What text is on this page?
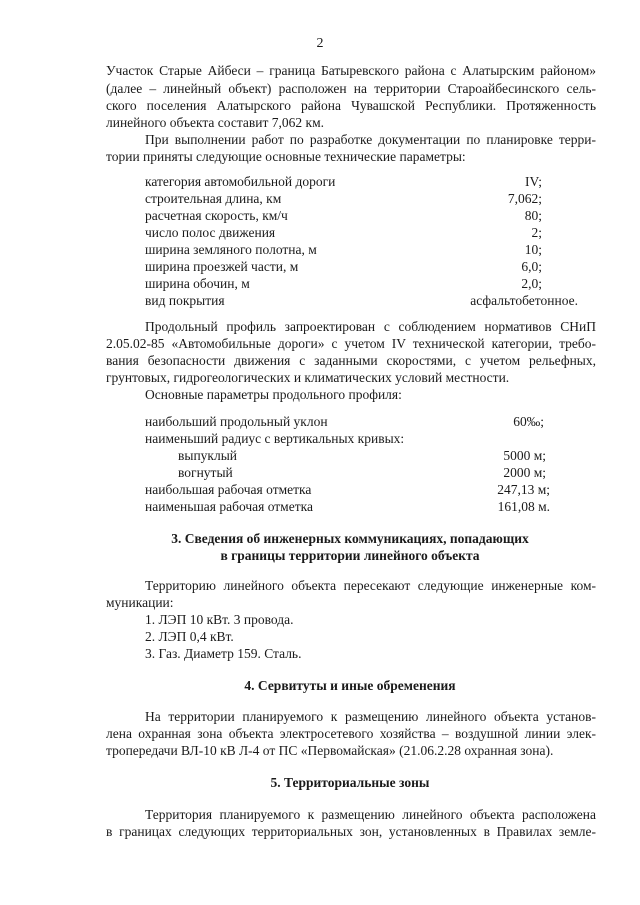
2
Участок Старые Айбеси – граница Батыревского района с Алатырским районом»
(далее – линейный объект) расположен на территории Староайбесинского сель-
ского поселения Алатырского района Чувашской Республики. Протяженность
линейного объекта составит 7,062 км.
При выполнении работ по разработке документации по планировке терри-
тории приняты следующие основные технические параметры:
категория автомобильной дороги	IV;
строительная длина, км	7,062;
расчетная скорость, км/ч	80;
число полос движения	2;
ширина земляного полотна, м	10;
ширина проезжей части, м	6,0;
ширина обочин, м	2,0;
вид покрытия	асфальтобетонное.
Продольный профиль запроектирован с соблюдением нормативов СНиП
2.05.02-85 «Автомобильные дороги» с учетом IV технической категории, требо-
вания безопасности движения с заданными скоростями, с учетом рельефных,
грунтовых, гидрогеологических и климатических условий местности.
Основные параметры продольного профиля:
наибольший продольный уклон	60‰;
наименьший радиус с вертикальных кривых:
выпуклый	5000 м;
вогнутый	2000 м;
наибольшая рабочая отметка	247,13 м;
наименьшая рабочая отметка	161,08 м.
3. Сведения об инженерных коммуникациях, попадающих
в границы территории линейного объекта
Территорию линейного объекта пересекают следующие инженерные ком-
муникации:
1. ЛЭП 10 кВт. 3 провода.
2. ЛЭП 0,4 кВт.
3. Газ. Диаметр 159. Сталь.
4. Сервитуты и иные обременения
На территории планируемого к размещению линейного объекта установ-
лена охранная зона объекта электросетевого хозяйства – воздушной линии элек-
тропередачи ВЛ-10 кВ Л-4 от ПС «Первомайская» (21.06.2.28 охранная зона).
5. Территориальные зоны
Территория планируемого к размещению линейного объекта расположена
в границах следующих территориальных зон, установленных в Правилах земле-
